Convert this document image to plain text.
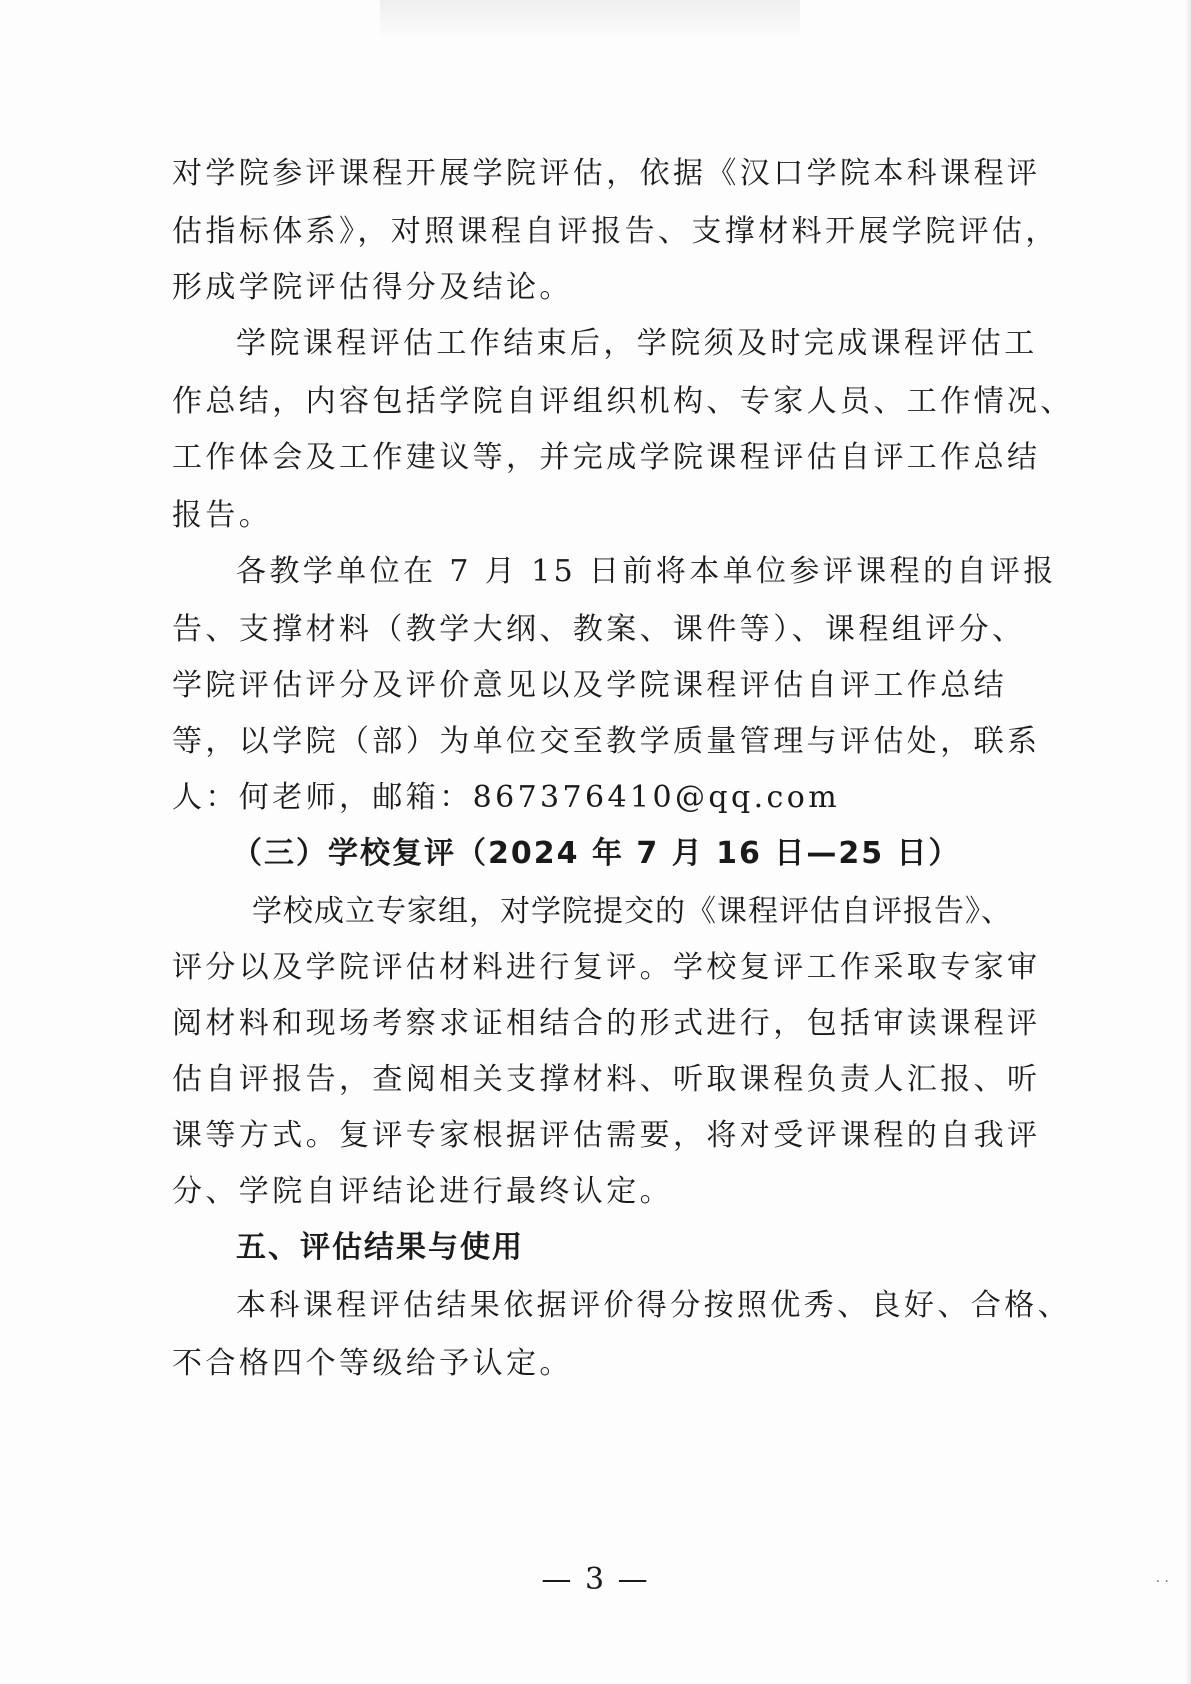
对学院参评课程开展学院评估，依据《汉口学院本科课程评
估指标体系》，对照课程自评报告、支撑材料开展学院评估，
形成学院评估得分及结论。
学院课程评估工作结束后，学院须及时完成课程评估工
作总结，内容包括学院自评组织机构、专家人员、工作情况、
工作体会及工作建议等，并完成学院课程评估自评工作总结
报告。
各教学单位在 7 月 15 日前将本单位参评课程的自评报
告、支撑材料（教学大纲、教案、课件等）、课程组评分、
学院评估评分及评价意见以及学院课程评估自评工作总结
等，以学院（部）为单位交至教学质量管理与评估处，联系
人：何老师，邮箱：867376410@qq.com
（三）学校复评（2024 年 7 月 16 日—25 日）
学校成立专家组，对学院提交的《课程评估自评报告》、
评分以及学院评估材料进行复评。学校复评工作采取专家审
阅材料和现场考察求证相结合的形式进行，包括审读课程评
估自评报告，查阅相关支撑材料、听取课程负责人汇报、听
课等方式。复评专家根据评估需要，将对受评课程的自我评
分、学院自评结论进行最终认定。
五、评估结果与使用
本科课程评估结果依据评价得分按照优秀、良好、合格、
不合格四个等级给予认定。
— 3 —	· ·
